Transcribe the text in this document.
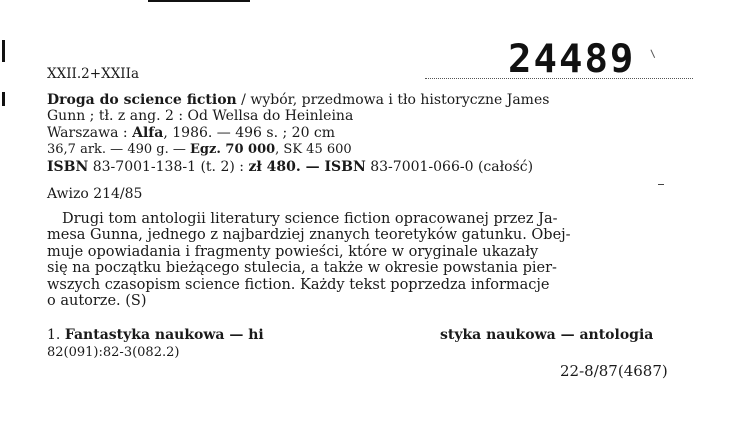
XXII.2+XXIIa	24489
Droga do science fiction / wybór, przedmowa i tło historyczne James
Gunn ; tł. z ang. 2 : Od Wellsa do Heinleina
Warszawa : Alfa, 1986. — 496 s. ; 20 cm
36,7 ark. — 490 g. — Egz. 70 000, SK 45 600
ISBN 83-7001-138-1 (t. 2) : zł 480. — ISBN 83-7001-066-0 (całość)
Awizo 214/85
Drugi tom antologii literatury science fiction opracowanej przez Ja-
mesa Gunna, jednego z najbardziej znanych teoretyków gatunku. Obej-
muje opowiadania i fragmenty powieści, które w oryginale ukazały
się na początku bieżącego stulecia, a także w okresie powstania pier-
wszych czasopism science fiction. Każdy tekst poprzedza informacje
o autorze. (S)
1. Fantastyka naukowa — hi	styka naukowa — antologia
82(091):82-3(082.2)
22-8/87(4687)
